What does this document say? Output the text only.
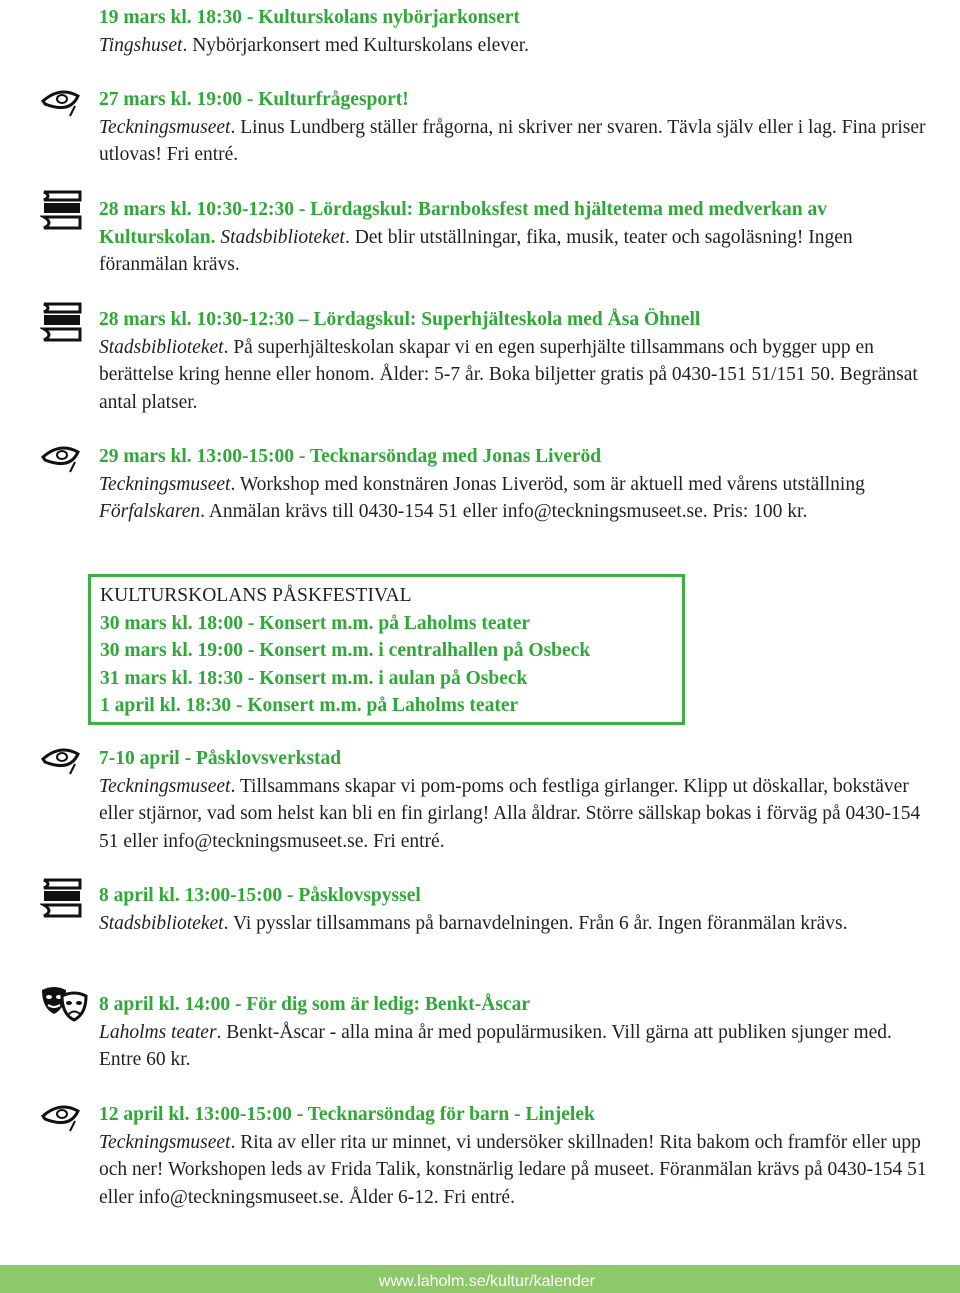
19 mars kl. 18:30 - Kulturskolans nybörjarkonsert
Tingshuset. Nybörjarkonsert med Kulturskolans elever.
27 mars kl. 19:00 - Kulturfrågesport!
Teckningsmuseet. Linus Lundberg ställer frågorna, ni skriver ner svaren. Tävla själv eller i lag. Fina priser utlovas! Fri entré.
28 mars kl. 10:30-12:30 - Lördagskul: Barnboksfest med hjältetema med medverkan av Kulturskolan. Stadsbiblioteket. Det blir utställningar, fika, musik, teater och sagoläsning! Ingen föranmälan krävs.
28 mars kl. 10:30-12:30 – Lördagskul: Superhjälteskola med Åsa Öhnell
Stadsbiblioteket. På superhjälteskolan skapar vi en egen superhjälte tillsammans och bygger upp en berättelse kring henne eller honom. Ålder: 5-7 år. Boka biljetter gratis på 0430-151 51/151 50. Begränsat antal platser.
29 mars kl. 13:00-15:00 - Tecknarsöndag med Jonas Liveröd
Teckningsmuseet. Workshop med konstnären Jonas Liveröd, som är aktuell med vårens utställning Förfalskaren. Anmälan krävs till 0430-154 51 eller info@teckningsmuseet.se. Pris: 100 kr.
KULTURSKOLANS PÅSKFESTIVAL
30 mars kl. 18:00 - Konsert m.m. på Laholms teater
30 mars kl. 19:00 - Konsert m.m. i centralhallen på Osbeck
31 mars kl. 18:30 - Konsert m.m. i aulan på Osbeck
1 april kl. 18:30 - Konsert m.m. på Laholms teater
7-10 april - Påsklovsverkstad
Teckningsmuseet. Tillsammans skapar vi pom-poms och festliga girlanger. Klipp ut döskallar, bokstäver eller stjärnor, vad som helst kan bli en fin girlang! Alla åldrar. Större sällskap bokas i förväg på 0430-154 51 eller info@teckningsmuseet.se. Fri entré.
8 april kl. 13:00-15:00 - Påsklovspyssel
Stadsbiblioteket. Vi pysslar tillsammans på barnavdelningen. Från 6 år. Ingen föranmälan krävs.
8 april kl. 14:00 - För dig som är ledig: Benkt-Åscar
Laholms teater. Benkt-Åscar - alla mina år med populärmusiken. Vill gärna att publiken sjunger med. Entre 60 kr.
12 april kl. 13:00-15:00 - Tecknarsöndag för barn - Linjelek
Teckningsmuseet. Rita av eller rita ur minnet, vi undersöker skillnaden! Rita bakom och framför eller upp och ner! Workshopen leds av Frida Talik, konstnärlig ledare på museet. Föranmälan krävs på 0430-154 51 eller info@teckningsmuseet.se. Ålder 6-12. Fri entré.
www.laholm.se/kultur/kalender
